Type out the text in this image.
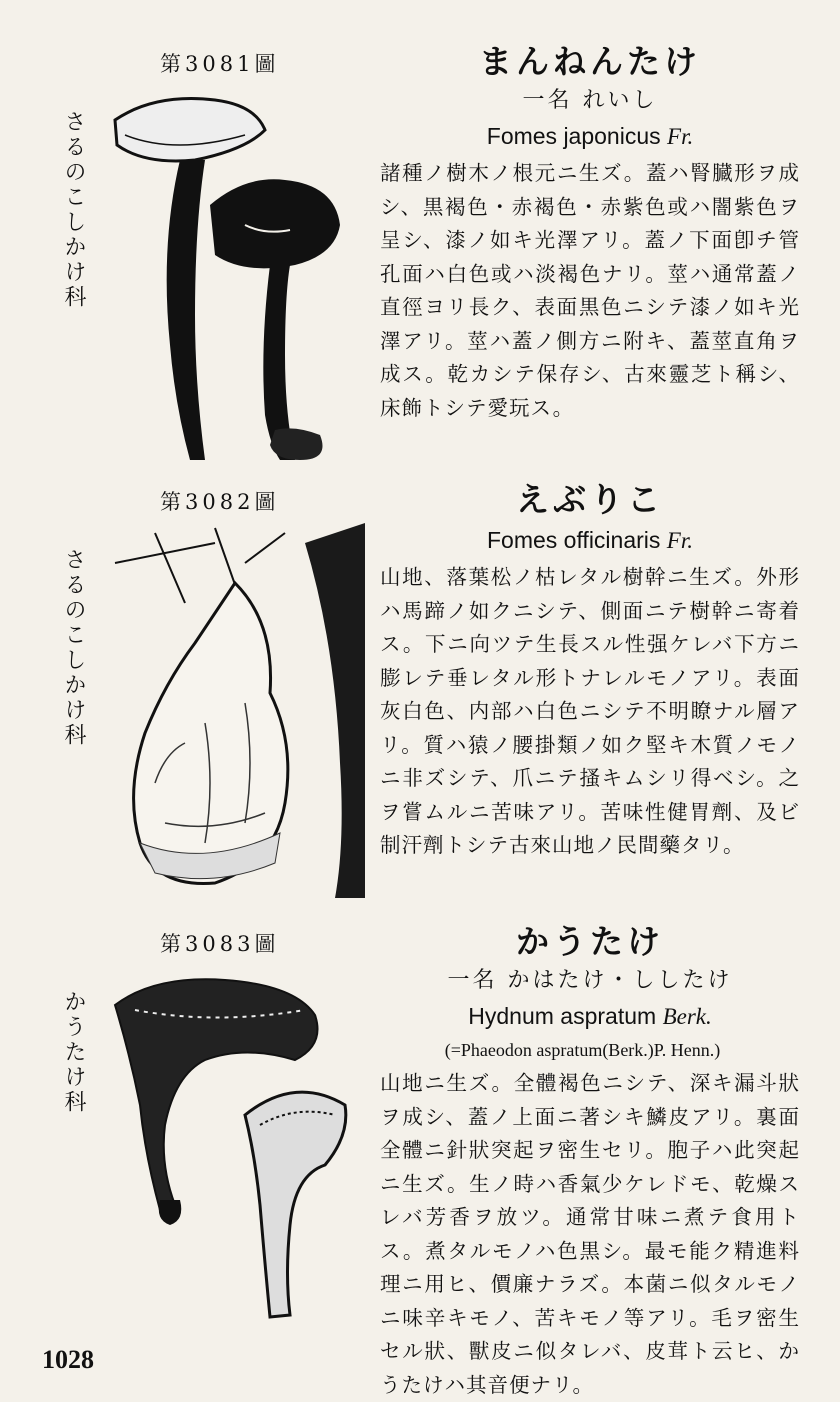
第3081圖
さるのこしかけ科
まんねんたけ
一名 れいし
Fomes japonicus Fr.

諸種ノ樹木ノ根元ニ生ズ。蓋ハ腎臓形ヲ成シ、黒褐色・赤褐色・赤紫色或ハ闇紫色ヲ呈シ、漆ノ如キ光澤アリ。蓋ノ下面卽チ管孔面ハ白色或ハ淡褐色ナリ。莖ハ通常蓋ノ直徑ヨリ長ク、表面黒色ニシテ漆ノ如キ光澤アリ。莖ハ蓋ノ側方ニ附キ、蓋莖直角ヲ成ス。乾カシテ保存シ、古來靈芝ト稱シ、床飾トシテ愛玩ス。

第3082圖
さるのこしかけ科
えぶりこ
Fomes officinaris Fr.

山地、落葉松ノ枯レタル樹幹ニ生ズ。外形ハ馬蹄ノ如クニシテ、側面ニテ樹幹ニ寄着ス。下ニ向ツテ生長スル性强ケレバ下方ニ膨レテ垂レタル形トナレルモノアリ。表面灰白色、内部ハ白色ニシテ不明瞭ナル層アリ。質ハ猿ノ腰掛類ノ如ク堅キ木質ノモノニ非ズシテ、爪ニテ搔キムシリ得ベシ。之ヲ嘗ムルニ苦味アリ。苦味性健胃劑、及ビ制汗劑トシテ古來山地ノ民間藥タリ。

第3083圖
かうたけ科
かうたけ
一名 かはたけ・ししたけ
Hydnum aspratum Berk.
(=Phaeodon aspratum(Berk.)P. Henn.)

山地ニ生ズ。全體褐色ニシテ、深キ漏斗狀ヲ成シ、蓋ノ上面ニ著シキ鱗皮アリ。裏面全體ニ針狀突起ヲ密生セリ。胞子ハ此突起ニ生ズ。生ノ時ハ香氣少ケレドモ、乾燥スレバ芳香ヲ放ツ。通常甘味ニ煮テ食用トス。煮タルモノハ色黒シ。最モ能ク精進料理ニ用ヒ、價廉ナラズ。本菌ニ似タルモノニ味辛キモノ、苦キモノ等アリ。毛ヲ密生セル狀、獸皮ニ似タレバ、皮茸ト云ヒ、かうたけハ其音便ナリ。

1028
